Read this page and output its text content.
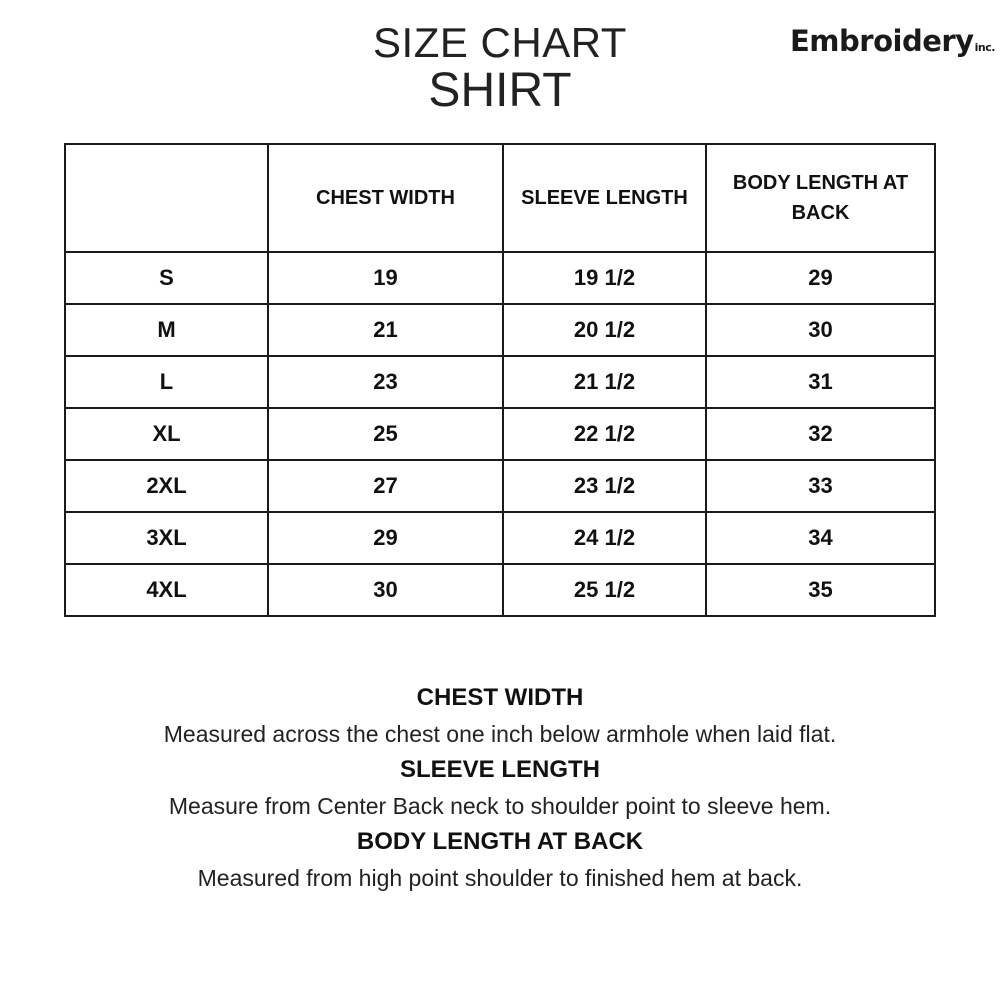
SIZE CHART
SHIRT
Embroideryinc.
	CHEST WIDTH	SLEEVE LENGTH	BODY LENGTH AT BACK
S	19	19 1/2	29
M	21	20 1/2	30
L	23	21 1/2	31
XL	25	22 1/2	32
2XL	27	23 1/2	33
3XL	29	24 1/2	34
4XL	30	25 1/2	35
CHEST WIDTH
Measured across the chest one inch below armhole when laid flat.
SLEEVE LENGTH
Measure from Center Back neck to shoulder point to sleeve hem.
BODY LENGTH AT BACK
Measured from high point shoulder to finished hem at back.
